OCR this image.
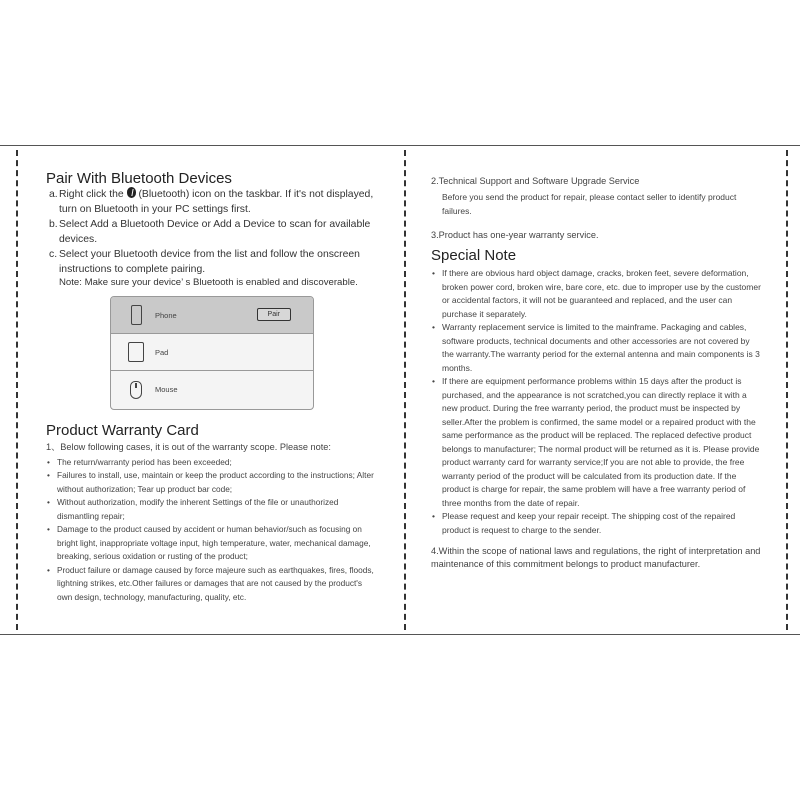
Pair With Bluetooth Devices
a. Right click the (Bluetooth) icon on the taskbar. If it's not displayed, turn on Bluetooth in your PC settings first.
b. Select Add a Bluetooth Device or Add a Device to scan for available devices.
c. Select your Bluetooth device from the list and follow the onscreen instructions to complete pairing.
Note: Make sure your device’ s Bluetooth is enabled and discoverable.
Phone	Pair
Pad
Mouse
Product Warranty Card
1、Below following cases, it is out of the warranty scope. Please note:
• The return/warranty period has been exceeded;
• Failures to install, use, maintain or keep the product according to the instructions; Alter without authorization; Tear up product bar code;
• Without authorization, modify the inherent Settings of the file or unauthorized dismantling repair;
• Damage to the product caused by accident or human behavior/such as focusing on bright light, inappropriate voltage input, high temperature, water, mechanical damage, breaking, serious oxidation or rusting of the product;
• Product failure or damage caused by force majeure such as earthquakes, fires, floods, lightning strikes, etc.Other failures or damages that are not caused by the product's own design, technology, manufacturing, quality, etc.
2.Technical Support and Software Upgrade Service
Before you send the product for repair, please contact seller to identify product failures.
3.Product has one-year warranty service.
Special Note
• If there are obvious hard object damage, cracks, broken feet, severe deformation, broken power cord, broken wire, bare core, etc. due to improper use by the customer or accidental factors, it will not be guaranteed and replaced, and the user can purchase it separately.
• Warranty replacement service is limited to the mainframe. Packaging and cables, software products, technical documents and other accessories are not covered by the warranty.The warranty period for the external antenna and main components is 3 months.
• If there are equipment performance problems within 15 days after the product is purchased, and the appearance is not scratched,you can directly replace it with a new product. During the free warranty period, the product must be inspected by seller.After the problem is confirmed, the same model or a repaired product with the same performance as the product will be replaced. The replaced defective product belongs to manufacturer; The normal product will be returned as it is. Please provide product warranty card for warranty service;If you are not able to provide, the free warranty period of the product will be calculated from its production date. If the product is charge for repair, the same problem will have a free warranty period of three months from the date of repair.
• Please request and keep your repair receipt. The shipping cost of the repaired product is request to charge to the sender.
4.Within the scope of national laws and regulations, the right of interpretation and maintenance of this commitment belongs to product manufacturer.
